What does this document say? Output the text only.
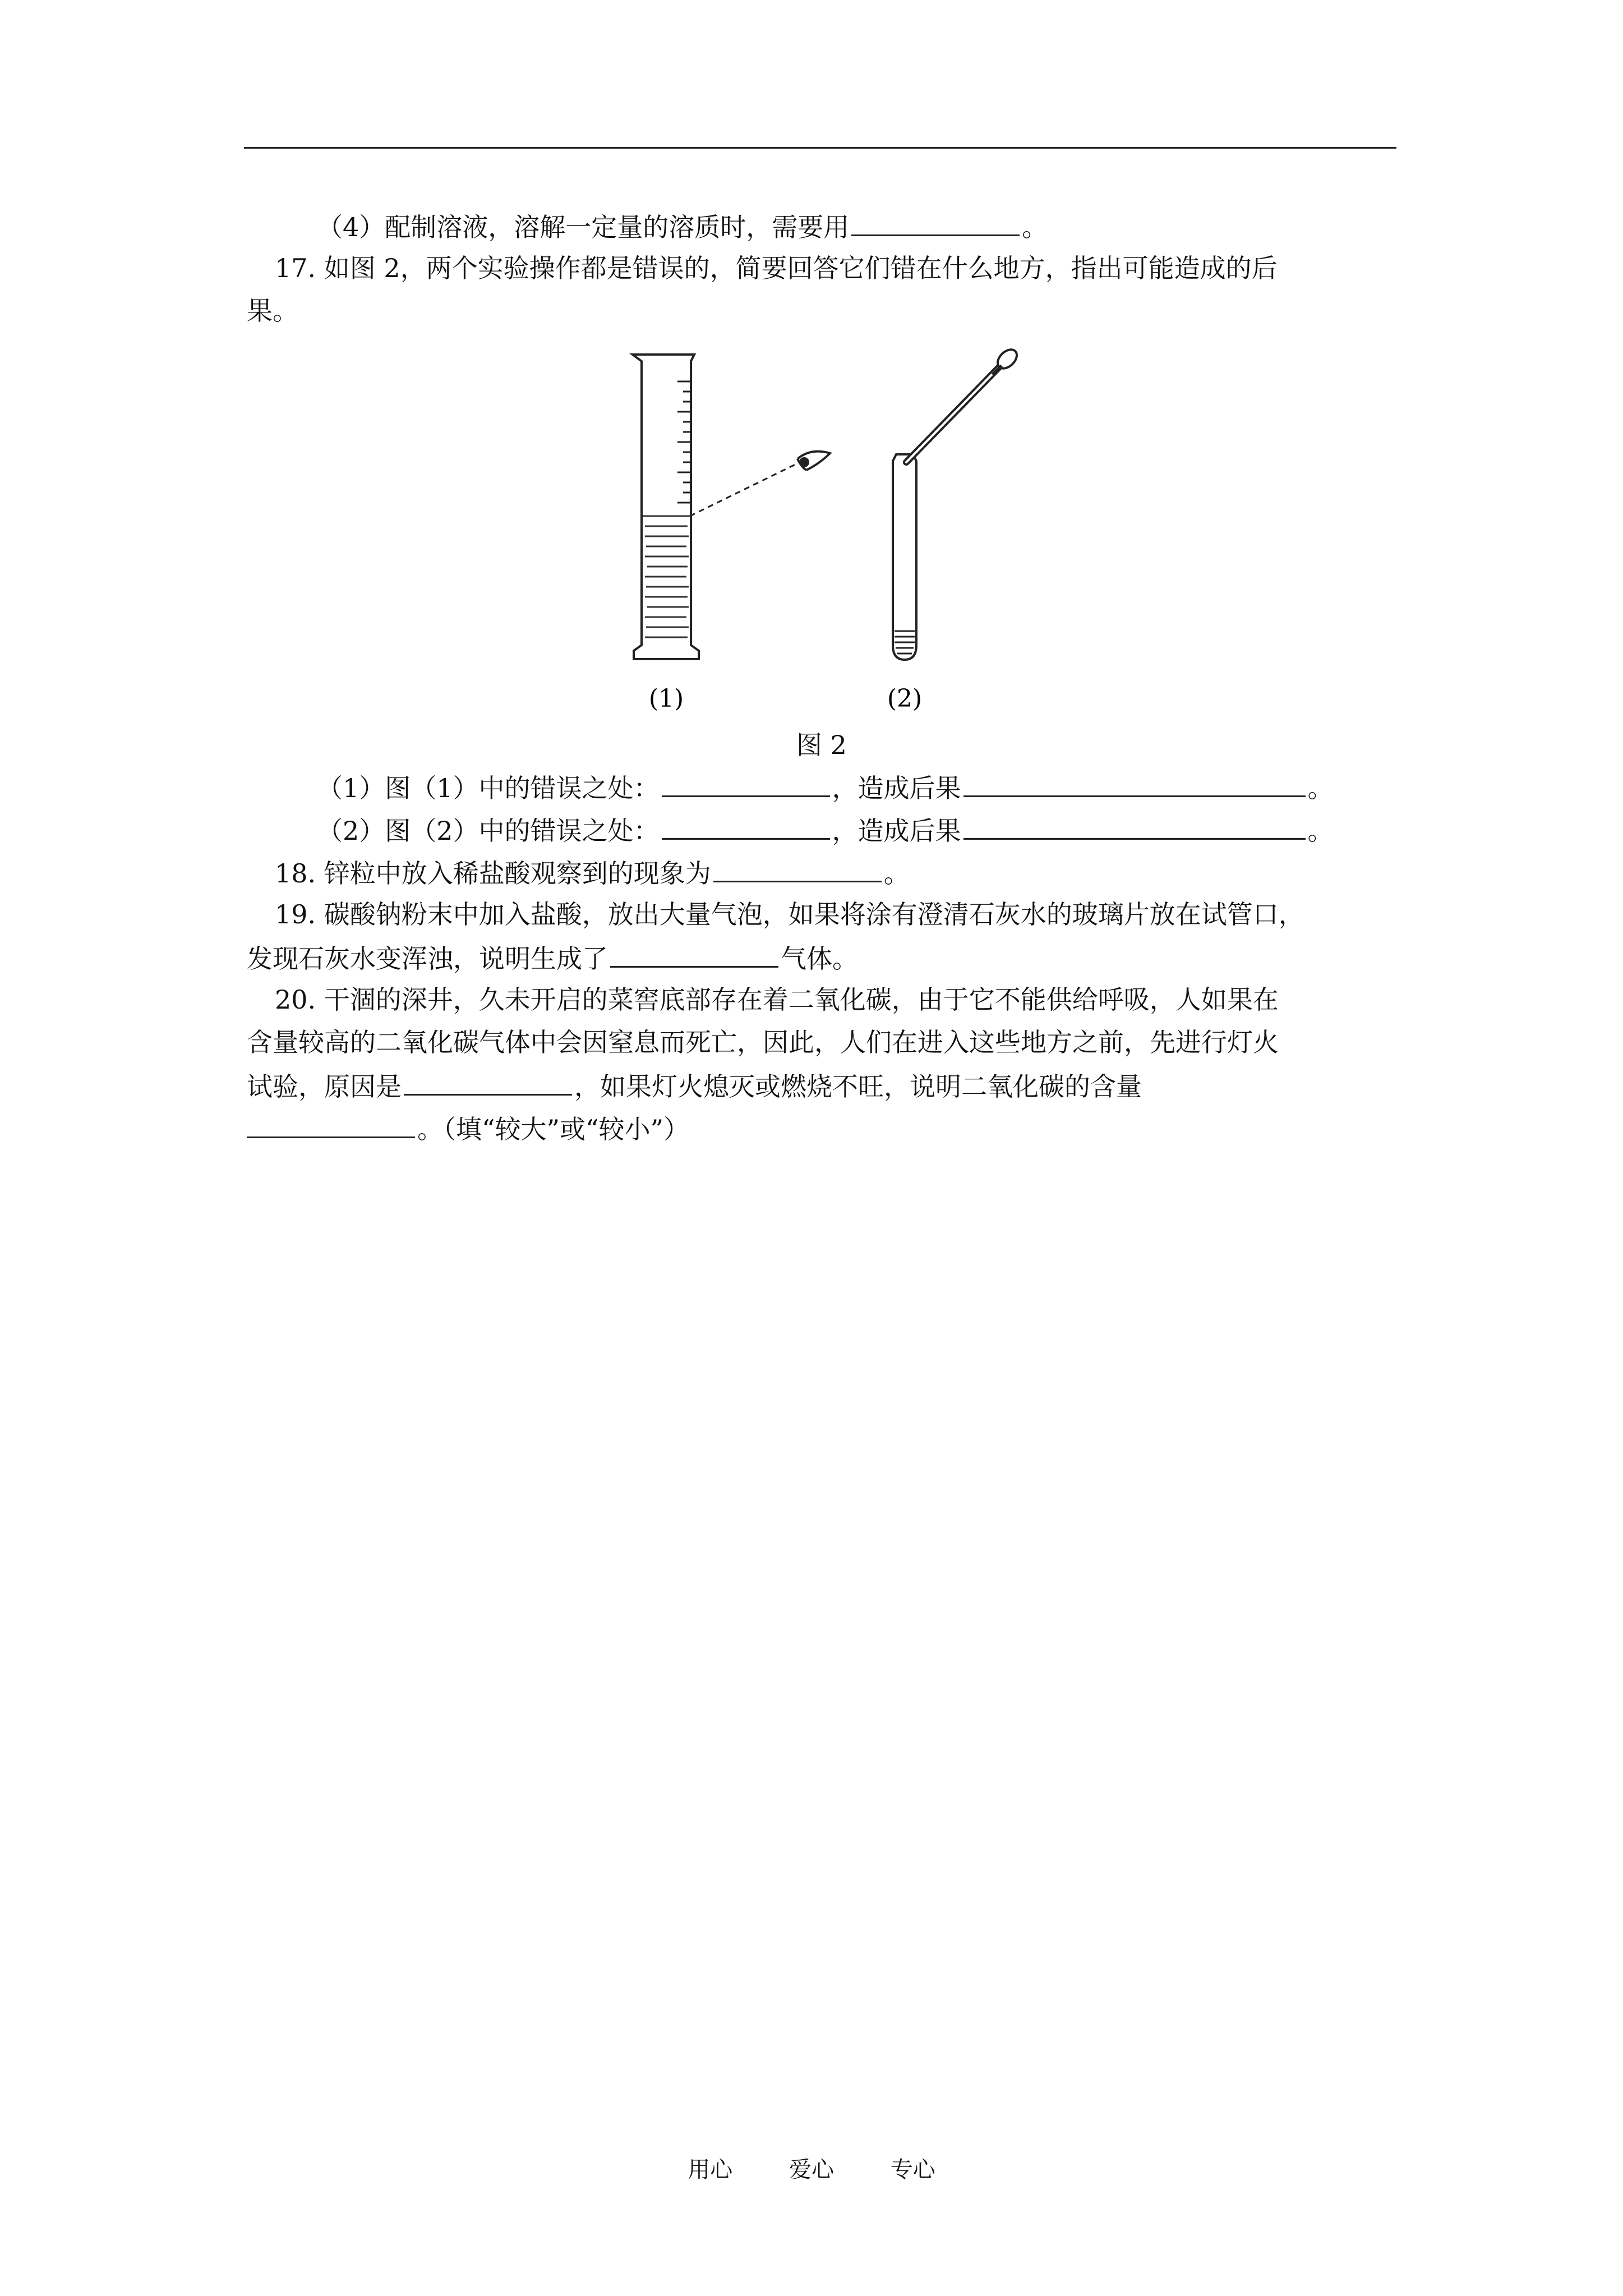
（4）配制溶液，溶解一定量的溶质时，需要用	。
17. 如图 2，两个实验操作都是错误的，简要回答它们错在什么地方，指出可能造成的后
果。
(1)	(2)
图 2
（1）图（1）中的错误之处：	，造成后果	。
（2）图（2）中的错误之处：	，造成后果	。
18. 锌粒中放入稀盐酸观察到的现象为	。
19. 碳酸钠粉末中加入盐酸，放出大量气泡，如果将涂有澄清石灰水的玻璃片放在试管口，
发现石灰水变浑浊，说明生成了	气体。
20. 干涸的深井，久未开启的菜窖底部存在着二氧化碳，由于它不能供给呼吸，人如果在
含量较高的二氧化碳气体中会因窒息而死亡，因此，人们在进入这些地方之前，先进行灯火
试验，原因是	，如果灯火熄灭或燃烧不旺，说明二氧化碳的含量
。（填“较大”或“较小”）
用心	爱心	专心
